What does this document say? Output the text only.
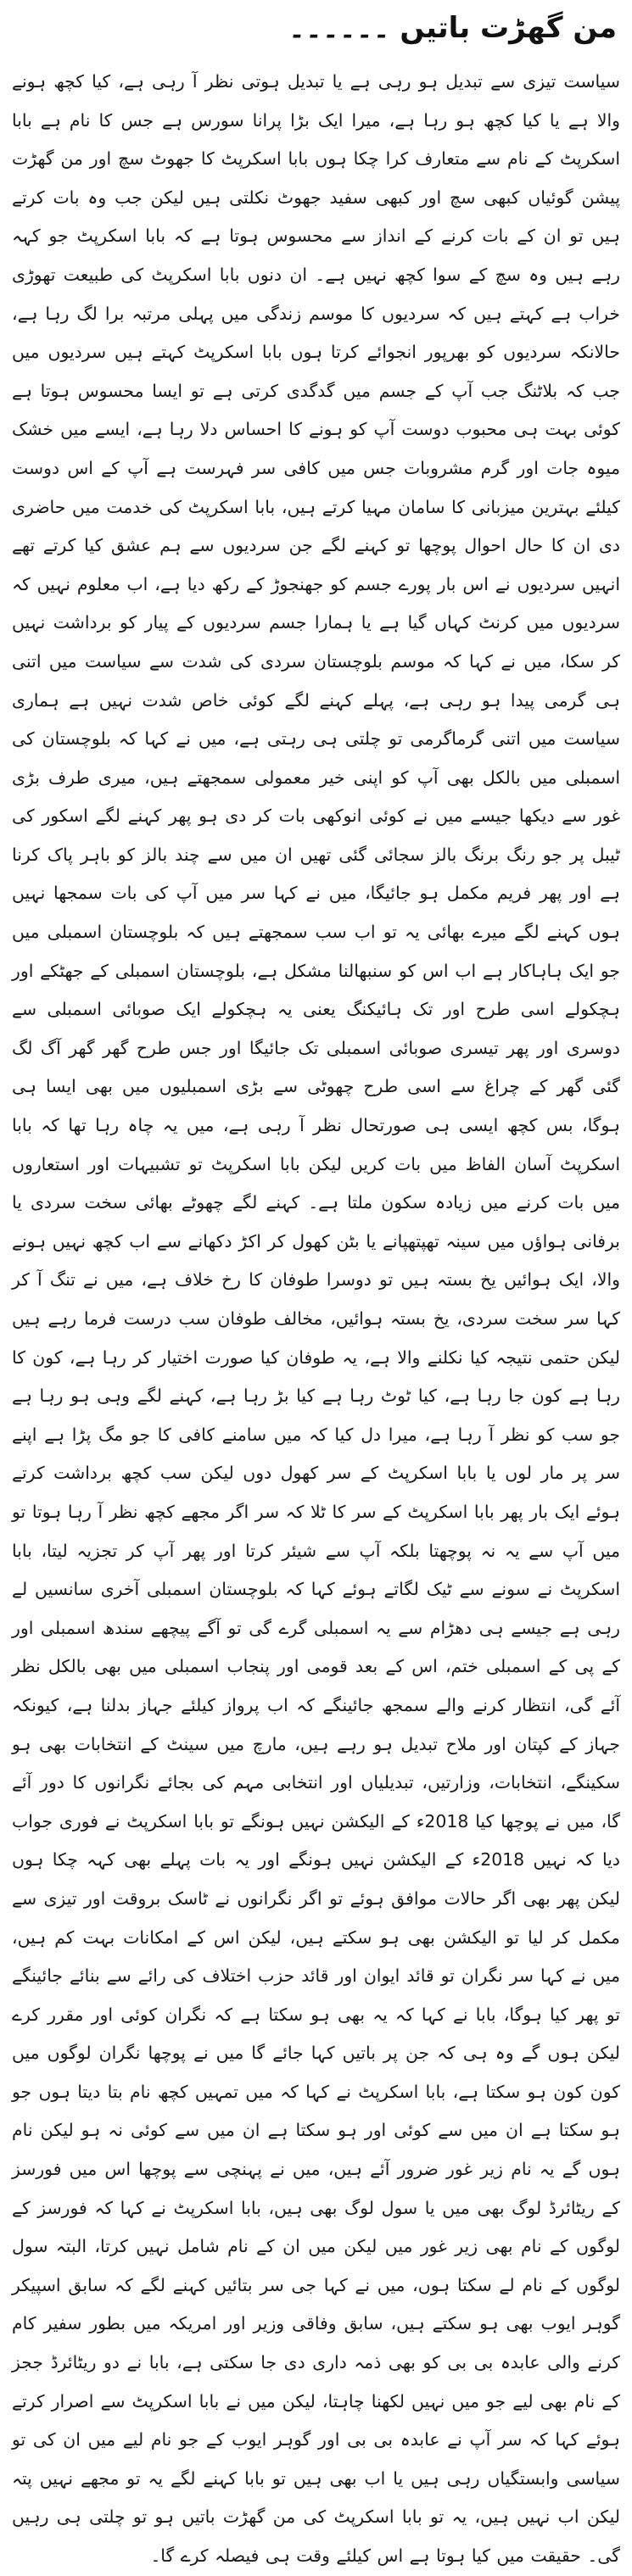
من گھڑت باتیں ۔۔۔۔۔۔

سیاست تیزی سے تبدیل ہو رہی ہے یا تبدیل ہوتی نظر آ رہی ہے، کیا کچھ ہونے والا ہے یا کیا کچھ ہو رہا ہے، میرا ایک بڑا پرانا سورس ہے جس کا نام ہے بابا اسکرپٹ کے نام سے متعارف کرا چکا ہوں بابا اسکرپٹ کا جھوٹ سچ اور من گھڑت پیشن گوئیاں کبھی سچ اور کبھی سفید جھوٹ نکلتی ہیں لیکن جب وہ بات کرتے ہیں تو ان کے بات کرنے کے انداز سے محسوس ہوتا ہے کہ بابا اسکرپٹ جو کہہ رہے ہیں وہ سچ کے سوا کچھ نہیں ہے۔ ان دنوں بابا اسکرپٹ کی طبیعت تھوڑی خراب ہے کہتے ہیں کہ سردیوں کا موسم زندگی میں پہلی مرتبہ برا لگ رہا ہے، حالانکہ سردیوں کو بھرپور انجوائے کرتا ہوں بابا اسکرپٹ کہتے ہیں سردیوں میں جب کہ بلاٹنگ جب آپ کے جسم میں گدگدی کرتی ہے تو ایسا محسوس ہوتا ہے کوئی بہت ہی محبوب دوست آپ کو ہونے کا احساس دلا رہا ہے، ایسے میں خشک میوہ جات اور گرم مشروبات جس میں کافی سر فہرست ہے آپ کے اس دوست کیلئے بہترین میزبانی کا سامان مہیا کرتے ہیں، بابا اسکرپٹ کی خدمت میں حاضری دی ان کا حال احوال پوچھا تو کہنے لگے جن سردیوں سے ہم عشق کیا کرتے تھے انہیں سردیوں نے اس بار پورے جسم کو جھنجوڑ کے رکھ دیا ہے، اب معلوم نہیں کہ سردیوں میں کرنٹ کہاں گیا ہے یا ہمارا جسم سردیوں کے پیار کو برداشت نہیں کر سکا، میں نے کہا کہ موسم بلوچستان سردی کی شدت سے سیاست میں اتنی ہی گرمی پیدا ہو رہی ہے، پہلے کہنے لگے کوئی خاص شدت نہیں ہے ہماری سیاست میں اتنی گرماگرمی تو چلتی ہی رہتی ہے، میں نے کہا کہ بلوچستان کی اسمبلی میں بالکل بھی آپ کو اپنی خیر معمولی سمجھتے ہیں، میری طرف بڑی غور سے دیکھا جیسے میں نے کوئی انوکھی بات کر دی ہو پھر کہنے لگے اسکور کی ٹیبل پر جو رنگ برنگ بالز سجائی گئی تھیں ان میں سے چند بالز کو باہر پاک کرنا ہے اور پھر فریم مکمل ہو جائیگا، میں نے کہا سر میں آپ کی بات سمجھا نہیں ہوں کہنے لگے میرے بھائی یہ تو اب سب سمجھتے ہیں کہ بلوچستان اسمبلی میں جو ایک ہاہاکار ہے اب اس کو سنبھالنا مشکل ہے، بلوچستان اسمبلی کے جھٹکے اور ہچکولے اسی طرح اور تک ہائیکنگ یعنی یہ ہچکولے ایک صوبائی اسمبلی سے دوسری اور پھر تیسری صوبائی اسمبلی تک جائیگا اور جس طرح گھر گھر آگ لگ گئی گھر کے چراغ سے اسی طرح چھوٹی سے بڑی اسمبلیوں میں بھی ایسا ہی ہوگا، بس کچھ ایسی ہی صورتحال نظر آ رہی ہے، میں یہ چاہ رہا تھا کہ بابا اسکرپٹ آسان الفاظ میں بات کریں لیکن بابا اسکرپٹ تو تشبیہات اور استعاروں میں بات کرنے میں زیادہ سکون ملتا ہے۔ کہنے لگے چھوٹے بھائی سخت سردی یا برفانی ہواؤں میں سینہ تھپتھپانے یا بٹن کھول کر اکڑ دکھانے سے اب کچھ نہیں ہونے والا، ایک ہوائیں یخ بستہ ہیں تو دوسرا طوفان کا رخ خلاف ہے، میں نے تنگ آ کر کہا سر سخت سردی، یخ بستہ ہوائیں، مخالف طوفان سب درست فرما رہے ہیں لیکن حتمی نتیجہ کیا نکلنے والا ہے، یہ طوفان کیا صورت اختیار کر رہا ہے، کون کا رہا ہے کون جا رہا ہے، کیا ٹوٹ رہا ہے کیا بڑ رہا ہے، کہنے لگے وہی ہو رہا ہے جو سب کو نظر آ رہا ہے، میرا دل کیا کہ میں سامنے کافی کا جو مگ پڑا ہے اپنے سر پر مار لوں یا بابا اسکرپٹ کے سر کھول دوں لیکن سب کچھ برداشت کرتے ہوئے ایک بار پھر بابا اسکرپٹ کے سر کا ٹلا کہ سر اگر مجھے کچھ نظر آ رہا ہوتا تو میں آپ سے یہ نہ پوچھتا بلکہ آپ سے شیئر کرتا اور پھر آپ کر تجزیہ لیتا، بابا اسکرپٹ نے سونے سے ٹیک لگاتے ہوئے کہا کہ بلوچستان اسمبلی آخری سانسیں لے رہی ہے جیسے ہی دھڑام سے یہ اسمبلی گرے گی تو آگے پیچھے سندھ اسمبلی اور کے پی کے اسمبلی ختم، اس کے بعد قومی اور پنجاب اسمبلی میں بھی بالکل نظر آئے گی، انتظار کرنے والے سمجھ جائینگے کہ اب پرواز کیلئے جہاز بدلنا ہے، کیونکہ جہاز کے کپتان اور ملاح تبدیل ہو رہے ہیں، مارچ میں سینٹ کے انتخابات بھی ہو سکینگے، انتخابات، وزارتیں، تبدیلیاں اور انتخابی مہم کی بجائے نگرانوں کا دور آئے گا، میں نے پوچھا کیا 2018ء کے الیکشن نہیں ہونگے تو بابا اسکرپٹ نے فوری جواب دیا کہ نہیں 2018ء کے الیکشن نہیں ہونگے اور یہ بات پہلے بھی کہہ چکا ہوں لیکن پھر بھی اگر حالات موافق ہوئے تو اگر نگرانوں نے ٹاسک بروقت اور تیزی سے مکمل کر لیا تو الیکشن بھی ہو سکتے ہیں، لیکن اس کے امکانات بہت کم ہیں، میں نے کہا سر نگران تو قائد ایوان اور قائد حزب اختلاف کی رائے سے بنائے جائینگے تو پھر کیا ہوگا، بابا نے کہا کہ یہ بھی ہو سکتا ہے کہ نگران کوئی اور مقرر کرے لیکن ہوں گے وہ ہی کہ جن پر باتیں کہا جائے گا میں نے پوچھا نگران لوگوں میں کون کون ہو سکتا ہے، بابا اسکرپٹ نے کہا کہ میں تمہیں کچھ نام بتا دیتا ہوں جو ہو سکتا ہے ان میں سے کوئی اور ہو سکتا ہے ان میں سے کوئی نہ ہو لیکن نام ہوں گے یہ نام زیر غور ضرور آئے ہیں، میں نے پہنچی سے پوچھا اس میں فورسز کے ریٹائرڈ لوگ بھی میں یا سول لوگ بھی ہیں، بابا اسکرپٹ نے کہا کہ فورسز کے لوگوں کے نام بھی زیر غور میں لیکن میں ان کے نام شامل نہیں کرتا، البتہ سول لوگوں کے نام لے سکتا ہوں، میں نے کہا جی سر بتائیں کہنے لگے کہ سابق اسپیکر گوہر ایوب بھی ہو سکتے ہیں، سابق وفاقی وزیر اور امریکہ میں بطور سفیر کام کرنے والی عابدہ بی بی کو بھی ذمہ داری دی جا سکتی ہے، بابا نے دو ریٹائرڈ ججز کے نام بھی لیے جو میں نہیں لکھنا چاہتا، لیکن میں نے بابا اسکرپٹ سے اصرار کرتے ہوئے کہا کہ سر آپ نے عابدہ بی بی اور گوہر ایوب کے جو نام لیے میں ان کی تو سیاسی وابستگیاں رہی ہیں یا اب بھی ہیں تو بابا کہنے لگے یہ تو مجھے نہیں پتہ لیکن اب نہیں ہیں، یہ تو بابا اسکرپٹ کی من گھڑت باتیں ہو تو چلتی ہی رہیں گی۔ حقیقت میں کیا ہوتا ہے اس کیلئے وقت ہی فیصلہ کرے گا۔
